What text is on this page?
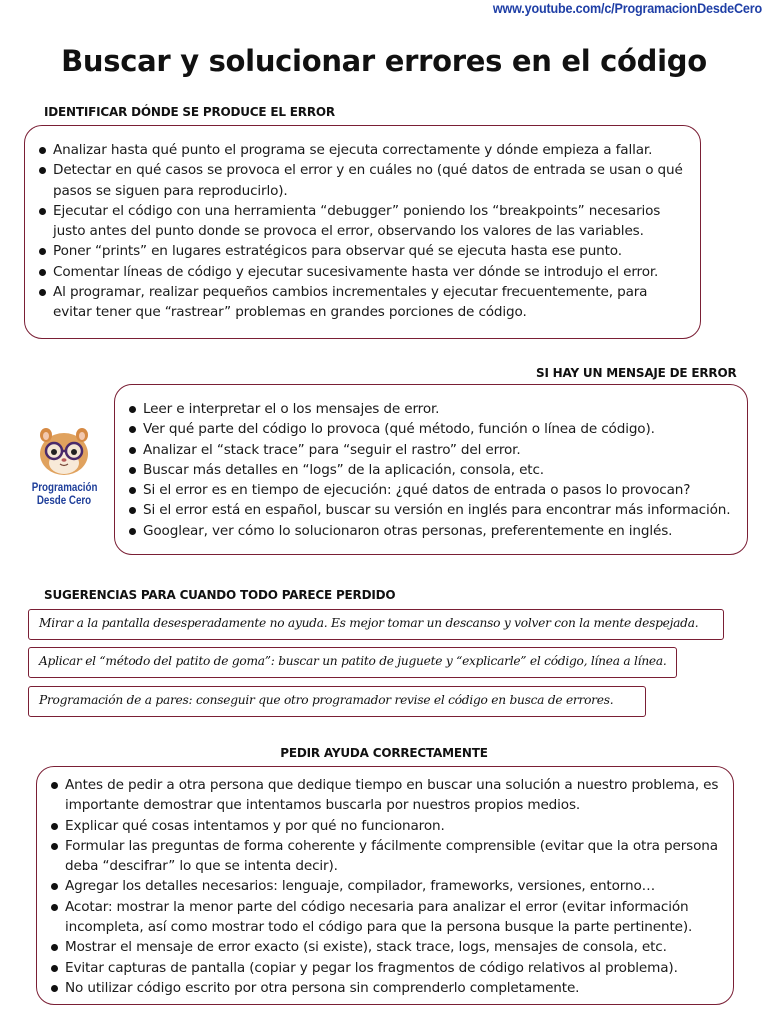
www.youtube.com/c/ProgramacionDesdeCero
Buscar y solucionar errores en el código
IDENTIFICAR DÓNDE SE PRODUCE EL ERROR
Analizar hasta qué punto el programa se ejecuta correctamente y dónde empieza a fallar.
Detectar en qué casos se provoca el error y en cuáles no (qué datos de entrada se usan o qué pasos se siguen para reproducirlo).
Ejecutar el código con una herramienta “debugger” poniendo los “breakpoints” necesarios justo antes del punto donde se provoca el error, observando los valores de las variables.
Poner “prints” en lugares estratégicos para observar qué se ejecuta hasta ese punto.
Comentar líneas de código y ejecutar sucesivamente hasta ver dónde se introdujo el error.
Al programar, realizar pequeños cambios incrementales y ejecutar frecuentemente, para evitar tener que “rastrear” problemas en grandes porciones de código.
SI HAY UN MENSAJE DE ERROR
Programación Desde Cero
Leer e interpretar el o los mensajes de error.
Ver qué parte del código lo provoca (qué método, función o línea de código).
Analizar el “stack trace” para “seguir el rastro” del error.
Buscar más detalles en “logs” de la aplicación, consola, etc.
Si el error es en tiempo de ejecución: ¿qué datos de entrada o pasos lo provocan?
Si el error está en español, buscar su versión en inglés para encontrar más información.
Googlear, ver cómo lo solucionaron otras personas, preferentemente en inglés.
SUGERENCIAS PARA CUANDO TODO PARECE PERDIDO
Mirar a la pantalla desesperadamente no ayuda. Es mejor tomar un descanso y volver con la mente despejada.
Aplicar el “método del patito de goma”: buscar un patito de juguete y “explicarle” el código, línea a línea.
Programación de a pares: conseguir que otro programador revise el código en busca de errores.
PEDIR AYUDA CORRECTAMENTE
Antes de pedir a otra persona que dedique tiempo en buscar una solución a nuestro problema, es importante demostrar que intentamos buscarla por nuestros propios medios.
Explicar qué cosas intentamos y por qué no funcionaron.
Formular las preguntas de forma coherente y fácilmente comprensible (evitar que la otra persona deba “descifrar” lo que se intenta decir).
Agregar los detalles necesarios: lenguaje, compilador, frameworks, versiones, entorno…
Acotar: mostrar la menor parte del código necesaria para analizar el error (evitar información incompleta, así como mostrar todo el código para que la persona busque la parte pertinente).
Mostrar el mensaje de error exacto (si existe), stack trace, logs, mensajes de consola, etc.
Evitar capturas de pantalla (copiar y pegar los fragmentos de código relativos al problema).
No utilizar código escrito por otra persona sin comprenderlo completamente.
